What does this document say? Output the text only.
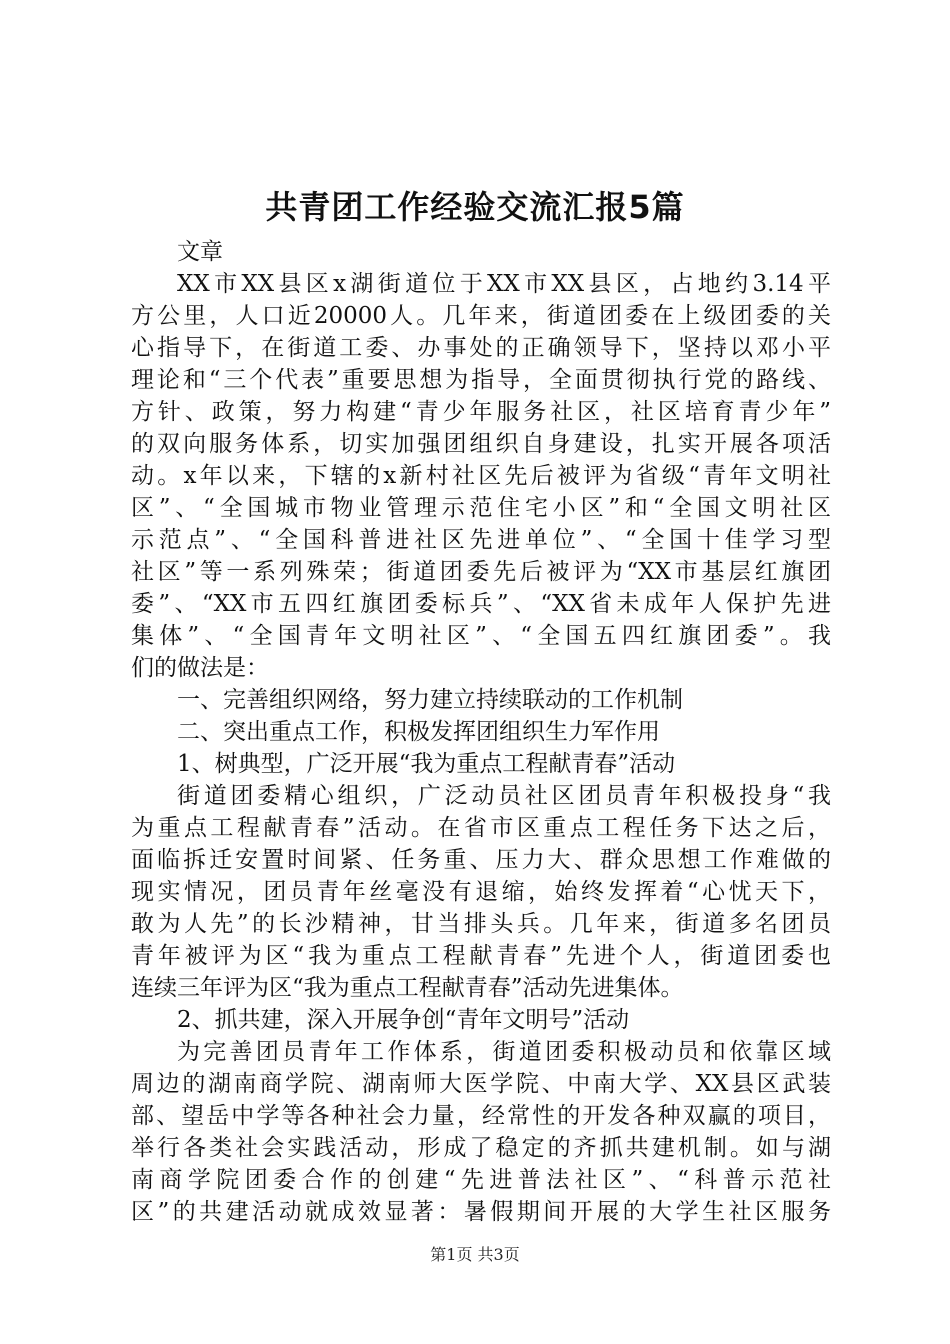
共青团工作经验交流汇报5篇
文章
XX市XX县区x湖街道位于XX市XX县区，占地约3.14平
方公里，人口近20000人。几年来，街道团委在上级团委的关
心指导下，在街道工委、办事处的正确领导下，坚持以邓小平
理论和“三个代表”重要思想为指导，全面贯彻执行党的路线、
方针、政策，努力构建“青少年服务社区，社区培育青少年”
的双向服务体系，切实加强团组织自身建设，扎实开展各项活
动。x年以来，下辖的x新村社区先后被评为省级“青年文明社
区”、“全国城市物业管理示范住宅小区”和“全国文明社区
示范点”、“全国科普进社区先进单位”、“全国十佳学习型
社区”等一系列殊荣；街道团委先后被评为“XX市基层红旗团
委”、“XX市五四红旗团委标兵”、“XX省未成年人保护先进
集体”、“全国青年文明社区”、“全国五四红旗团委”。我
们的做法是：
一、完善组织网络，努力建立持续联动的工作机制
二、突出重点工作，积极发挥团组织生力军作用
1、树典型，广泛开展“我为重点工程献青春”活动
街道团委精心组织，广泛动员社区团员青年积极投身“我
为重点工程献青春”活动。在省市区重点工程任务下达之后，
面临拆迁安置时间紧、任务重、压力大、群众思想工作难做的
现实情况，团员青年丝毫没有退缩，始终发挥着“心忧天下，
敢为人先”的长沙精神，甘当排头兵。几年来，街道多名团员
青年被评为区“我为重点工程献青春”先进个人，街道团委也
连续三年评为区“我为重点工程献青春”活动先进集体。
2、抓共建，深入开展争创“青年文明号”活动
为完善团员青年工作体系，街道团委积极动员和依靠区域
周边的湖南商学院、湖南师大医学院、中南大学、XX县区武装
部、望岳中学等各种社会力量，经常性的开发各种双赢的项目，
举行各类社会实践活动，形成了稳定的齐抓共建机制。如与湖
南商学院团委合作的创建“先进普法社区”、“科普示范社
区”的共建活动就成效显著：暑假期间开展的大学生社区服务
第1页 共3页
